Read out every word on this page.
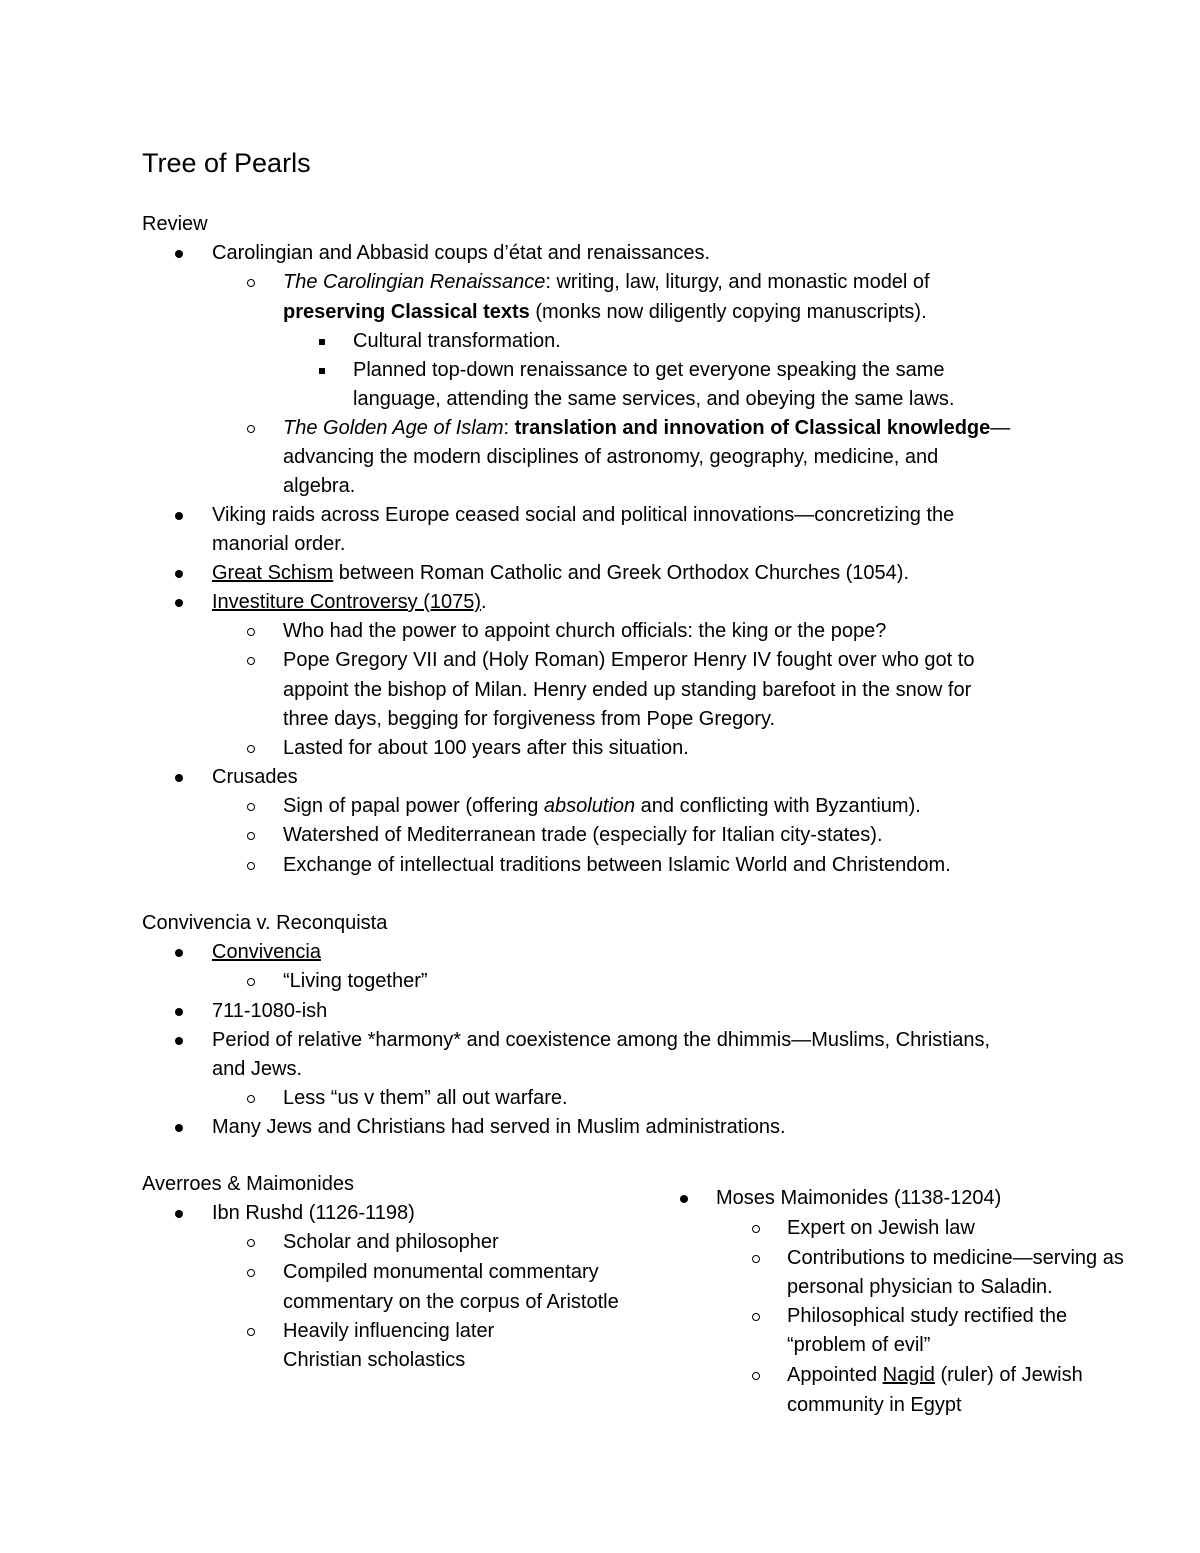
Tree of Pearls
Review
Carolingian and Abbasid coups d’état and renaissances.
The Carolingian Renaissance: writing, law, liturgy, and monastic model of
preserving Classical texts (monks now diligently copying manuscripts).
Cultural transformation.
Planned top-down renaissance to get everyone speaking the same
language, attending the same services, and obeying the same laws.
The Golden Age of Islam: translation and innovation of Classical knowledge—
advancing the modern disciplines of astronomy, geography, medicine, and
algebra.
Viking raids across Europe ceased social and political innovations—concretizing the
manorial order.
Great Schism between Roman Catholic and Greek Orthodox Churches (1054).
Investiture Controversy (1075).
Who had the power to appoint church officials: the king or the pope?
Pope Gregory VII and (Holy Roman) Emperor Henry IV fought over who got to
appoint the bishop of Milan. Henry ended up standing barefoot in the snow for
three days, begging for forgiveness from Pope Gregory.
Lasted for about 100 years after this situation.
Crusades
Sign of papal power (offering absolution and conflicting with Byzantium).
Watershed of Mediterranean trade (especially for Italian city-states).
Exchange of intellectual traditions between Islamic World and Christendom.
Convivencia v. Reconquista
Convivencia
“Living together”
711-1080-ish
Period of relative *harmony* and coexistence among the dhimmis—Muslims, Christians,
and Jews.
Less “us v them” all out warfare.
Many Jews and Christians had served in Muslim administrations.
Averroes & Maimonides
Ibn Rushd (1126-1198)
Scholar and philosopher
Compiled monumental commentary
commentary on the corpus of Aristotle
Heavily influencing later
Christian scholastics
Moses Maimonides (1138-1204)
Expert on Jewish law
Contributions to medicine—serving as
personal physician to Saladin.
Philosophical study rectified the
“problem of evil”
Appointed Nagid (ruler) of Jewish
community in Egypt
